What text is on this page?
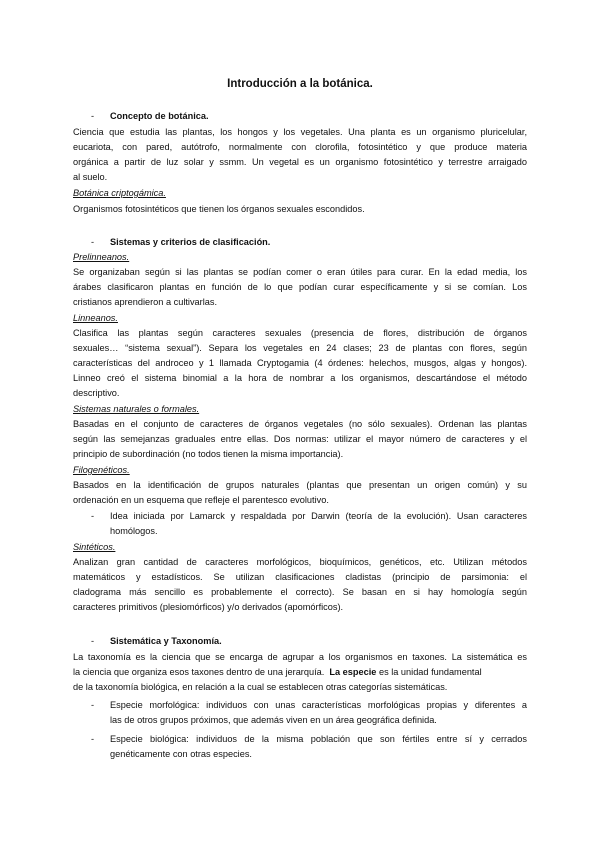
Introducción a la botánica.
- Concepto de botánica.
Ciencia que estudia las plantas, los hongos y los vegetales. Una planta es un organismo pluricelular,
eucariota, con pared, autótrofo, normalmente con clorofila, fotosintético y que produce materia
orgánica a partir de luz solar y ssmm. Un vegetal es un organismo fotosintético y terrestre arraigado
al suelo.
Botánica criptogámica.
Organismos fotosintéticos que tienen los órganos sexuales escondidos.
- Sistemas y criterios de clasificación.
Prelinneanos.
Se organizaban según si las plantas se podían comer o eran útiles para curar. En la edad media, los
árabes clasificaron plantas en función de lo que podían curar específicamente y si se comían. Los
cristianos aprendieron a cultivarlas.
Linneanos.
Clasifica las plantas según caracteres sexuales (presencia de flores, distribución de órganos
sexuales… “sistema sexual”). Separa los vegetales en 24 clases; 23 de plantas con flores, según
características del androceo y 1 llamada Cryptogamia (4 órdenes: helechos, musgos, algas y hongos).
Linneo creó el sistema binomial a la hora de nombrar a los organismos, descartándose el método
descriptivo.
Sistemas naturales o formales.
Basadas en el conjunto de caracteres de órganos vegetales (no sólo sexuales). Ordenan las plantas
según las semejanzas graduales entre ellas. Dos normas: utilizar el mayor número de caracteres y el
principio de subordinación (no todos tienen la misma importancia).
Filogenéticos.
Basados en la identificación de grupos naturales (plantas que presentan un origen común) y su
ordenación en un esquema que refleje el parentesco evolutivo.
- Idea iniciada por Lamarck y respaldada por Darwin (teoría de la evolución). Usan caracteres
homólogos.
Sintéticos.
Analizan gran cantidad de caracteres morfológicos, bioquímicos, genéticos, etc. Utilizan métodos
matemáticos y estadísticos. Se utilizan clasificaciones cladistas (principio de parsimonia: el
cladograma más sencillo es probablemente el correcto). Se basan en si hay homología según
caracteres primitivos (plesiomórficos) y/o derivados (apomórficos).
- Sistemática y Taxonomía.
La taxonomía es la ciencia que se encarga de agrupar a los organismos en taxones. La sistemática es
la ciencia que organiza esos taxones dentro de una jerarquía. La especie es la unidad fundamental
de la taxonomía biológica, en relación a la cual se establecen otras categorías sistemáticas.
- Especie morfológica: individuos con unas características morfológicas propias y diferentes a
las de otros grupos próximos, que además viven en un área geográfica definida.
- Especie biológica: individuos de la misma población que son fértiles entre sí y cerrados
genéticamente con otras especies.
